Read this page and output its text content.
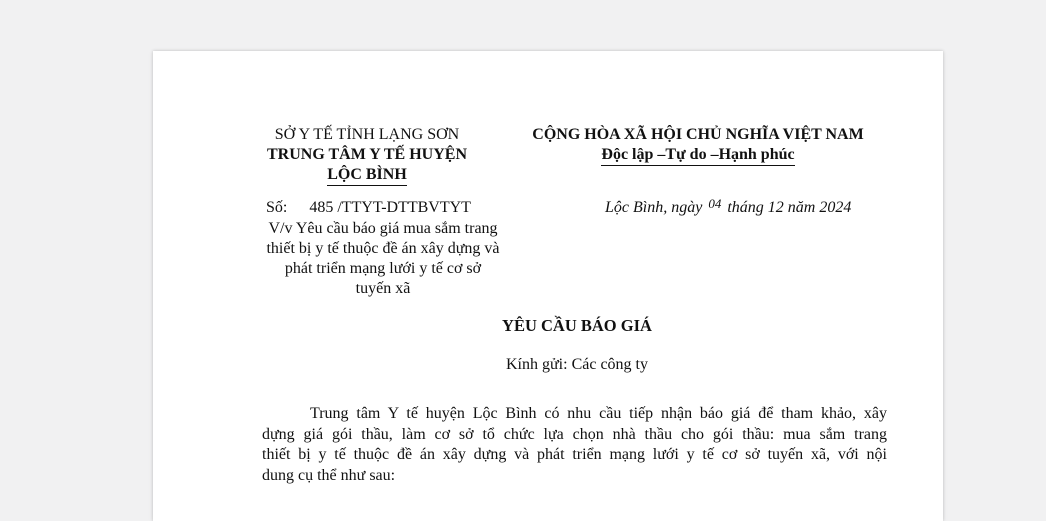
SỞ Y TẾ TỈNH LẠNG SƠN
TRUNG TÂM Y TẾ HUYỆN
LỘC BÌNH
CỘNG HÒA XÃ HỘI CHỦ NGHĨA VIỆT NAM
Độc lập –Tự do –Hạnh phúc
Số: 485 /TTYT-DTTBVTYT
V/v Yêu cầu báo giá mua sắm trang
thiết bị y tế thuộc đề án xây dựng và
phát triển mạng lưới y tế cơ sở
tuyến xã
Lộc Bình, ngày $^{04}$ tháng 12 năm 2024
YÊU CẦU BÁO GIÁ
Kính gửi: Các công ty
Trung tâm Y tế huyện Lộc Bình có nhu cầu tiếp nhận báo giá để tham khảo, xây
dựng giá gói thầu, làm cơ sở tổ chức lựa chọn nhà thầu cho gói thầu: mua sắm trang
thiết bị y tế thuộc đề án xây dựng và phát triển mạng lưới y tế cơ sở tuyến xã, với nội
dung cụ thể như sau:
